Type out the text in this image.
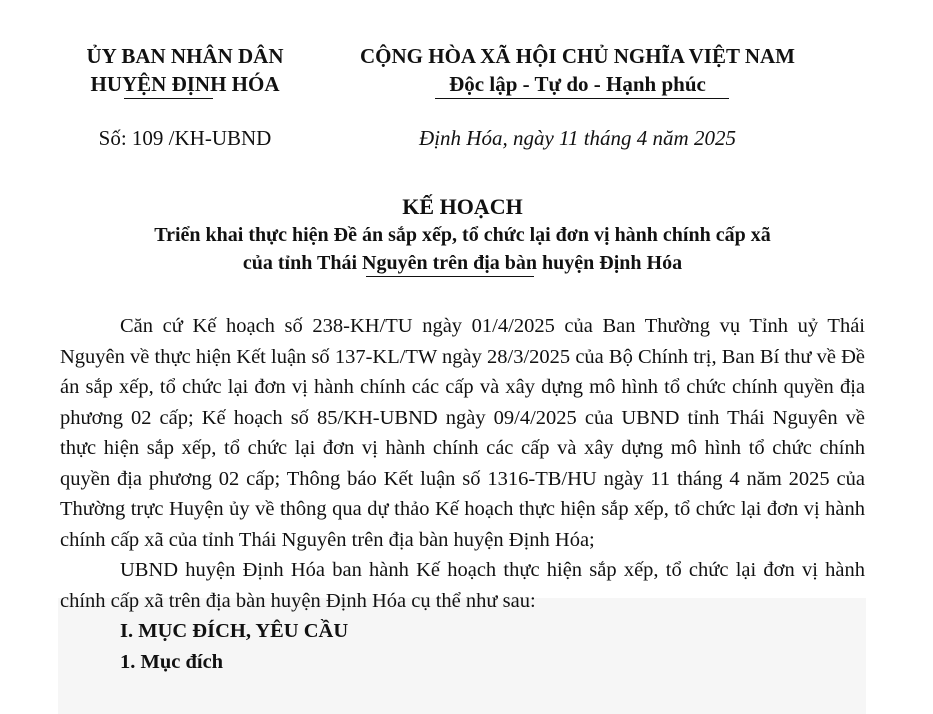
ỦY BAN NHÂN DÂN
HUYỆN ĐỊNH HÓA
CỘNG HÒA XÃ HỘI CHỦ NGHĨA VIỆT NAM
Độc lập - Tự do - Hạnh phúc
Số: 109 /KH-UBND	Định Hóa, ngày 11 tháng 4 năm 2025
KẾ HOẠCH
Triển khai thực hiện Đề án sắp xếp, tổ chức lại đơn vị hành chính cấp xã
của tỉnh Thái Nguyên trên địa bàn huyện Định Hóa

Căn cứ Kế hoạch số 238-KH/TU ngày 01/4/2025 của Ban Thường vụ Tỉnh uỷ Thái Nguyên về thực hiện Kết luận số 137-KL/TW ngày 28/3/2025 của Bộ Chính trị, Ban Bí thư về Đề án sắp xếp, tổ chức lại đơn vị hành chính các cấp và xây dựng mô hình tổ chức chính quyền địa phương 02 cấp; Kế hoạch số 85/KH-UBND ngày 09/4/2025 của UBND tỉnh Thái Nguyên về thực hiện sắp xếp, tổ chức lại đơn vị hành chính các cấp và xây dựng mô hình tổ chức chính quyền địa phương 02 cấp; Thông báo Kết luận số 1316-TB/HU ngày 11 tháng 4 năm 2025 của Thường trực Huyện ủy về thông qua dự thảo Kế hoạch thực hiện sắp xếp, tổ chức lại đơn vị hành chính cấp xã của tỉnh Thái Nguyên trên địa bàn huyện Định Hóa;

UBND huyện Định Hóa ban hành Kế hoạch thực hiện sắp xếp, tổ chức lại đơn vị hành chính cấp xã trên địa bàn huyện Định Hóa cụ thể như sau:

I. MỤC ĐÍCH, YÊU CẦU
1. Mục đích
